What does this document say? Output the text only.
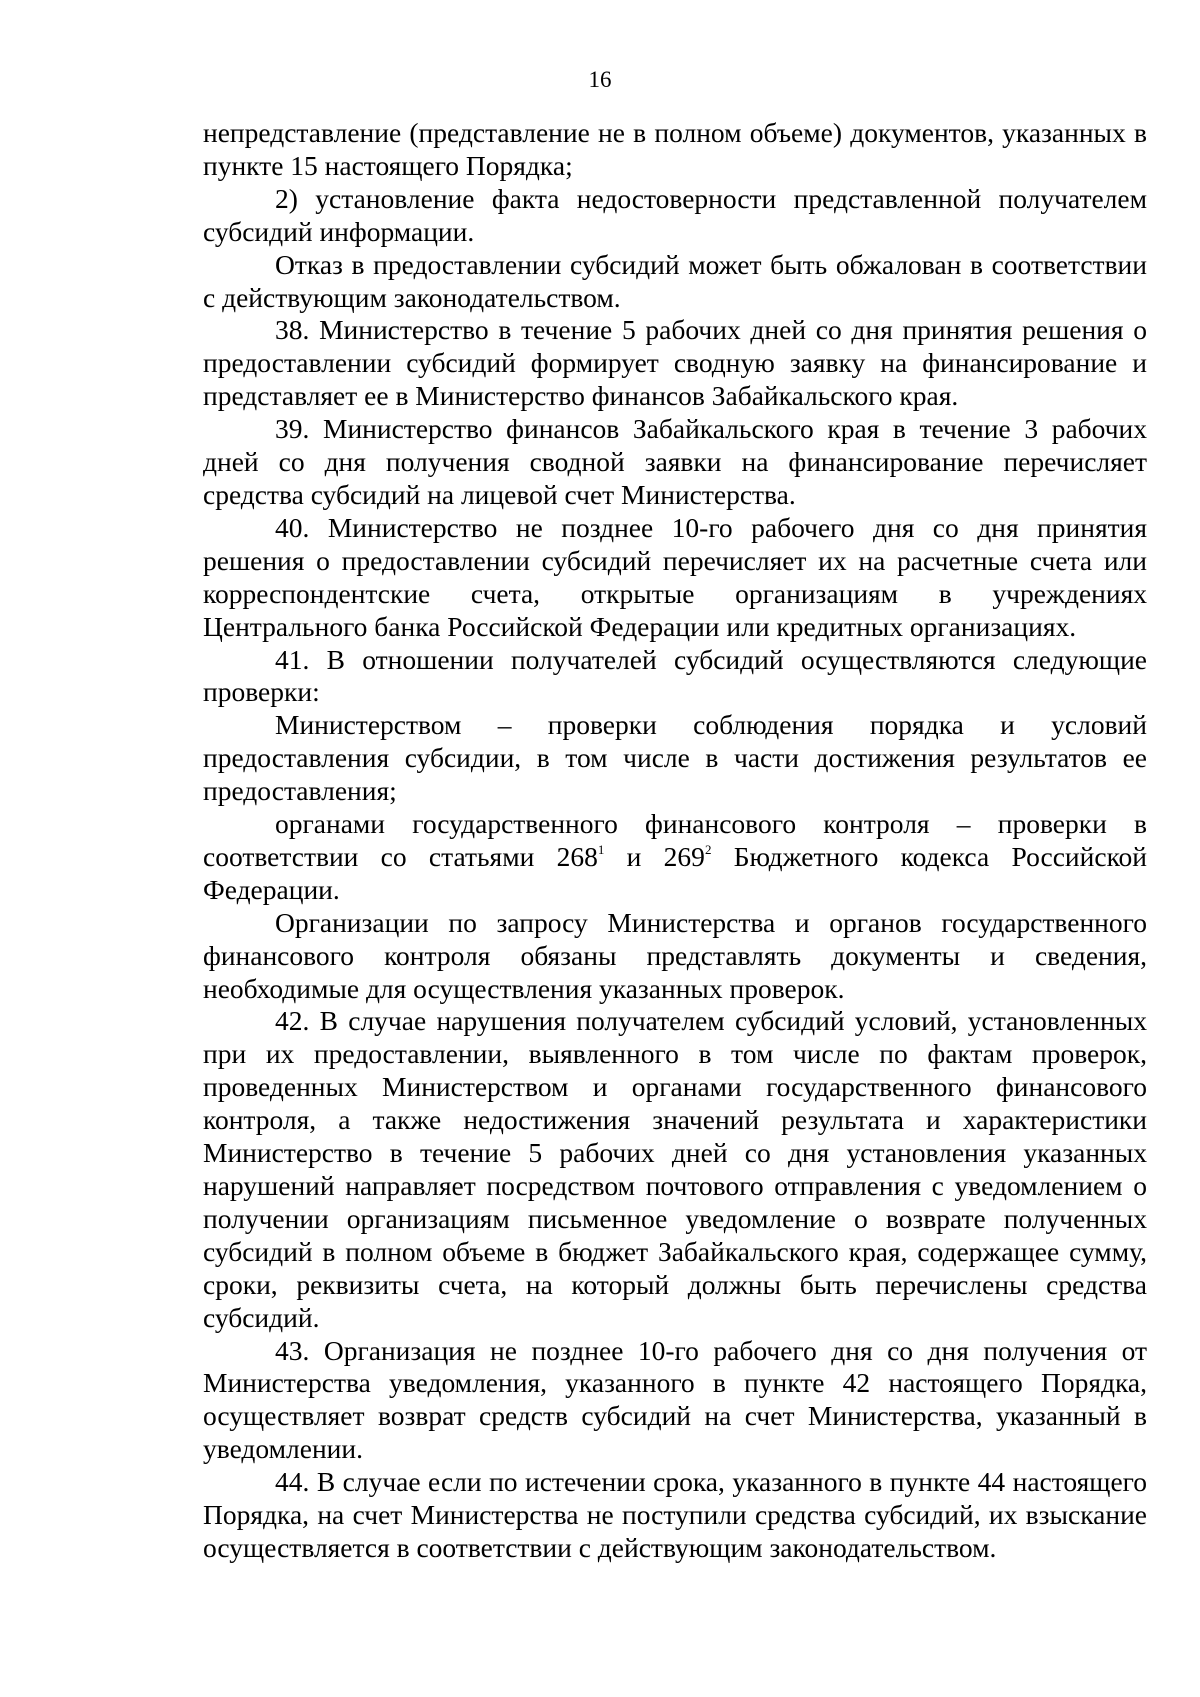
16

непредставление (представление не в полном объеме) документов, указанных в пункте 15 настоящего Порядка;

2) установление факта недостоверности представленной получателем субсидий информации.

Отказ в предоставлении субсидий может быть обжалован в соответствии с действующим законодательством.

38. Министерство в течение 5 рабочих дней со дня принятия решения о предоставлении субсидий формирует сводную заявку на финансирование и представляет ее в Министерство финансов Забайкальского края.

39. Министерство финансов Забайкальского края в течение 3 рабочих дней со дня получения сводной заявки на финансирование перечисляет средства субсидий на лицевой счет Министерства.

40. Министерство не позднее 10-го рабочего дня со дня принятия решения о предоставлении субсидий перечисляет их на расчетные счета или корреспондентские счета, открытые организациям в учреждениях Центрального банка Российской Федерации или кредитных организациях.

41. В отношении получателей субсидий осуществляются следующие проверки:

Министерством – проверки соблюдения порядка и условий предоставления субсидии, в том числе в части достижения результатов ее предоставления;

органами государственного финансового контроля – проверки в соответствии со статьями $268^1$ и $269^2$ Бюджетного кодекса Российской Федерации.

Организации по запросу Министерства и органов государственного финансового контроля обязаны представлять документы и сведения, необходимые для осуществления указанных проверок.

42. В случае нарушения получателем субсидий условий, установленных при их предоставлении, выявленного в том числе по фактам проверок, проведенных Министерством и органами государственного финансового контроля, а также недостижения значений результата и характеристики Министерство в течение 5 рабочих дней со дня установления указанных нарушений направляет посредством почтового отправления с уведомлением о получении организациям письменное уведомление о возврате полученных субсидий в полном объеме в бюджет Забайкальского края, содержащее сумму, сроки, реквизиты счета, на который должны быть перечислены средства субсидий.

43. Организация не позднее 10-го рабочего дня со дня получения от Министерства уведомления, указанного в пункте 42 настоящего Порядка, осуществляет возврат средств субсидий на счет Министерства, указанный в уведомлении.

44. В случае если по истечении срока, указанного в пункте 44 настоящего Порядка, на счет Министерства не поступили средства субсидий, их взыскание осуществляется в соответствии с действующим законодательством.
